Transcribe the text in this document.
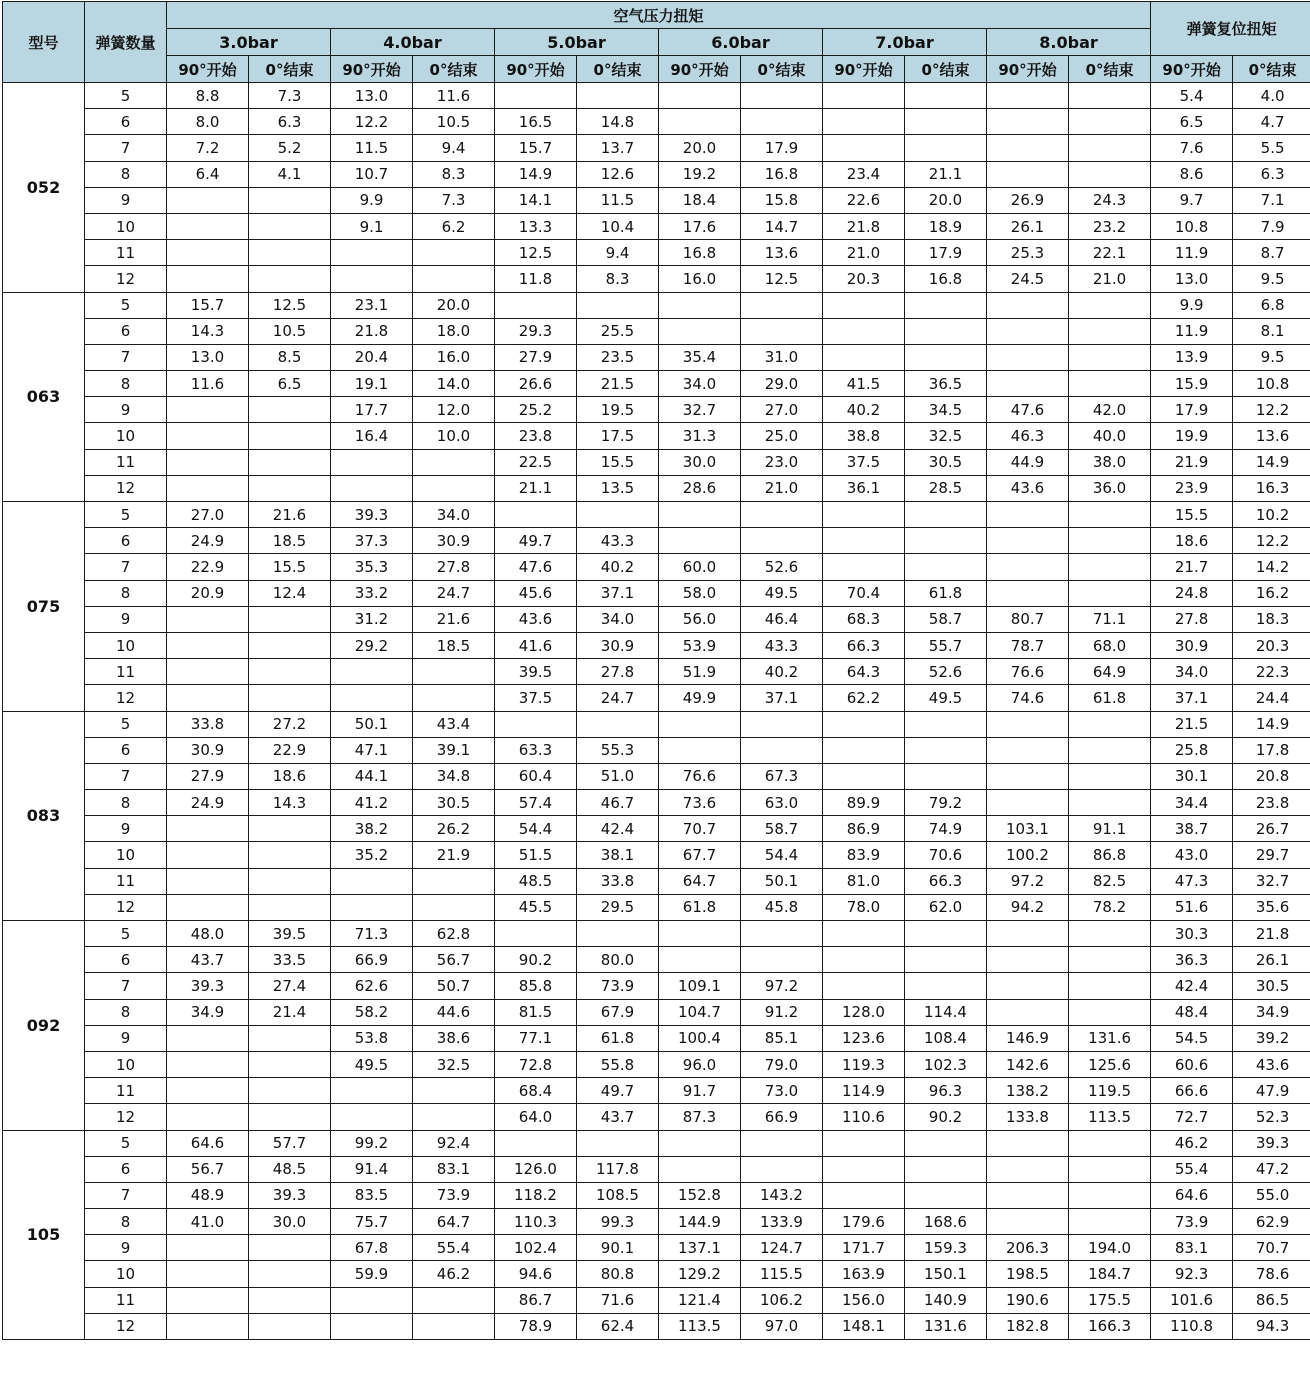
型号	弹簧数量	空气压力扭矩												弹簧复位扭矩	
		3.0bar		4.0bar		5.0bar		6.0bar		7.0bar		8.0bar			
		90°开始	0°结束	90°开始	0°结束	90°开始	0°结束	90°开始	0°结束	90°开始	0°结束	90°开始	0°结束	90°开始	0°结束
052	5	8.8	7.3	13.0	11.6									5.4	4.0
	6	8.0	6.3	12.2	10.5	16.5	14.8							6.5	4.7
	7	7.2	5.2	11.5	9.4	15.7	13.7	20.0	17.9					7.6	5.5
	8	6.4	4.1	10.7	8.3	14.9	12.6	19.2	16.8	23.4	21.1			8.6	6.3
	9			9.9	7.3	14.1	11.5	18.4	15.8	22.6	20.0	26.9	24.3	9.7	7.1
	10			9.1	6.2	13.3	10.4	17.6	14.7	21.8	18.9	26.1	23.2	10.8	7.9
	11					12.5	9.4	16.8	13.6	21.0	17.9	25.3	22.1	11.9	8.7
	12					11.8	8.3	16.0	12.5	20.3	16.8	24.5	21.0	13.0	9.5
063	5	15.7	12.5	23.1	20.0									9.9	6.8
	6	14.3	10.5	21.8	18.0	29.3	25.5							11.9	8.1
	7	13.0	8.5	20.4	16.0	27.9	23.5	35.4	31.0					13.9	9.5
	8	11.6	6.5	19.1	14.0	26.6	21.5	34.0	29.0	41.5	36.5			15.9	10.8
	9			17.7	12.0	25.2	19.5	32.7	27.0	40.2	34.5	47.6	42.0	17.9	12.2
	10			16.4	10.0	23.8	17.5	31.3	25.0	38.8	32.5	46.3	40.0	19.9	13.6
	11					22.5	15.5	30.0	23.0	37.5	30.5	44.9	38.0	21.9	14.9
	12					21.1	13.5	28.6	21.0	36.1	28.5	43.6	36.0	23.9	16.3
075	5	27.0	21.6	39.3	34.0									15.5	10.2
	6	24.9	18.5	37.3	30.9	49.7	43.3							18.6	12.2
	7	22.9	15.5	35.3	27.8	47.6	40.2	60.0	52.6					21.7	14.2
	8	20.9	12.4	33.2	24.7	45.6	37.1	58.0	49.5	70.4	61.8			24.8	16.2
	9			31.2	21.6	43.6	34.0	56.0	46.4	68.3	58.7	80.7	71.1	27.8	18.3
	10			29.2	18.5	41.6	30.9	53.9	43.3	66.3	55.7	78.7	68.0	30.9	20.3
	11					39.5	27.8	51.9	40.2	64.3	52.6	76.6	64.9	34.0	22.3
	12					37.5	24.7	49.9	37.1	62.2	49.5	74.6	61.8	37.1	24.4
083	5	33.8	27.2	50.1	43.4									21.5	14.9
	6	30.9	22.9	47.1	39.1	63.3	55.3							25.8	17.8
	7	27.9	18.6	44.1	34.8	60.4	51.0	76.6	67.3					30.1	20.8
	8	24.9	14.3	41.2	30.5	57.4	46.7	73.6	63.0	89.9	79.2			34.4	23.8
	9			38.2	26.2	54.4	42.4	70.7	58.7	86.9	74.9	103.1	91.1	38.7	26.7
	10			35.2	21.9	51.5	38.1	67.7	54.4	83.9	70.6	100.2	86.8	43.0	29.7
	11					48.5	33.8	64.7	50.1	81.0	66.3	97.2	82.5	47.3	32.7
	12					45.5	29.5	61.8	45.8	78.0	62.0	94.2	78.2	51.6	35.6
092	5	48.0	39.5	71.3	62.8									30.3	21.8
	6	43.7	33.5	66.9	56.7	90.2	80.0							36.3	26.1
	7	39.3	27.4	62.6	50.7	85.8	73.9	109.1	97.2					42.4	30.5
	8	34.9	21.4	58.2	44.6	81.5	67.9	104.7	91.2	128.0	114.4			48.4	34.9
	9			53.8	38.6	77.1	61.8	100.4	85.1	123.6	108.4	146.9	131.6	54.5	39.2
	10			49.5	32.5	72.8	55.8	96.0	79.0	119.3	102.3	142.6	125.6	60.6	43.6
	11					68.4	49.7	91.7	73.0	114.9	96.3	138.2	119.5	66.6	47.9
	12					64.0	43.7	87.3	66.9	110.6	90.2	133.8	113.5	72.7	52.3
105	5	64.6	57.7	99.2	92.4									46.2	39.3
	6	56.7	48.5	91.4	83.1	126.0	117.8							55.4	47.2
	7	48.9	39.3	83.5	73.9	118.2	108.5	152.8	143.2					64.6	55.0
	8	41.0	30.0	75.7	64.7	110.3	99.3	144.9	133.9	179.6	168.6			73.9	62.9
	9			67.8	55.4	102.4	90.1	137.1	124.7	171.7	159.3	206.3	194.0	83.1	70.7
	10			59.9	46.2	94.6	80.8	129.2	115.5	163.9	150.1	198.5	184.7	92.3	78.6
	11					86.7	71.6	121.4	106.2	156.0	140.9	190.6	175.5	101.6	86.5
	12					78.9	62.4	113.5	97.0	148.1	131.6	182.8	166.3	110.8	94.3
